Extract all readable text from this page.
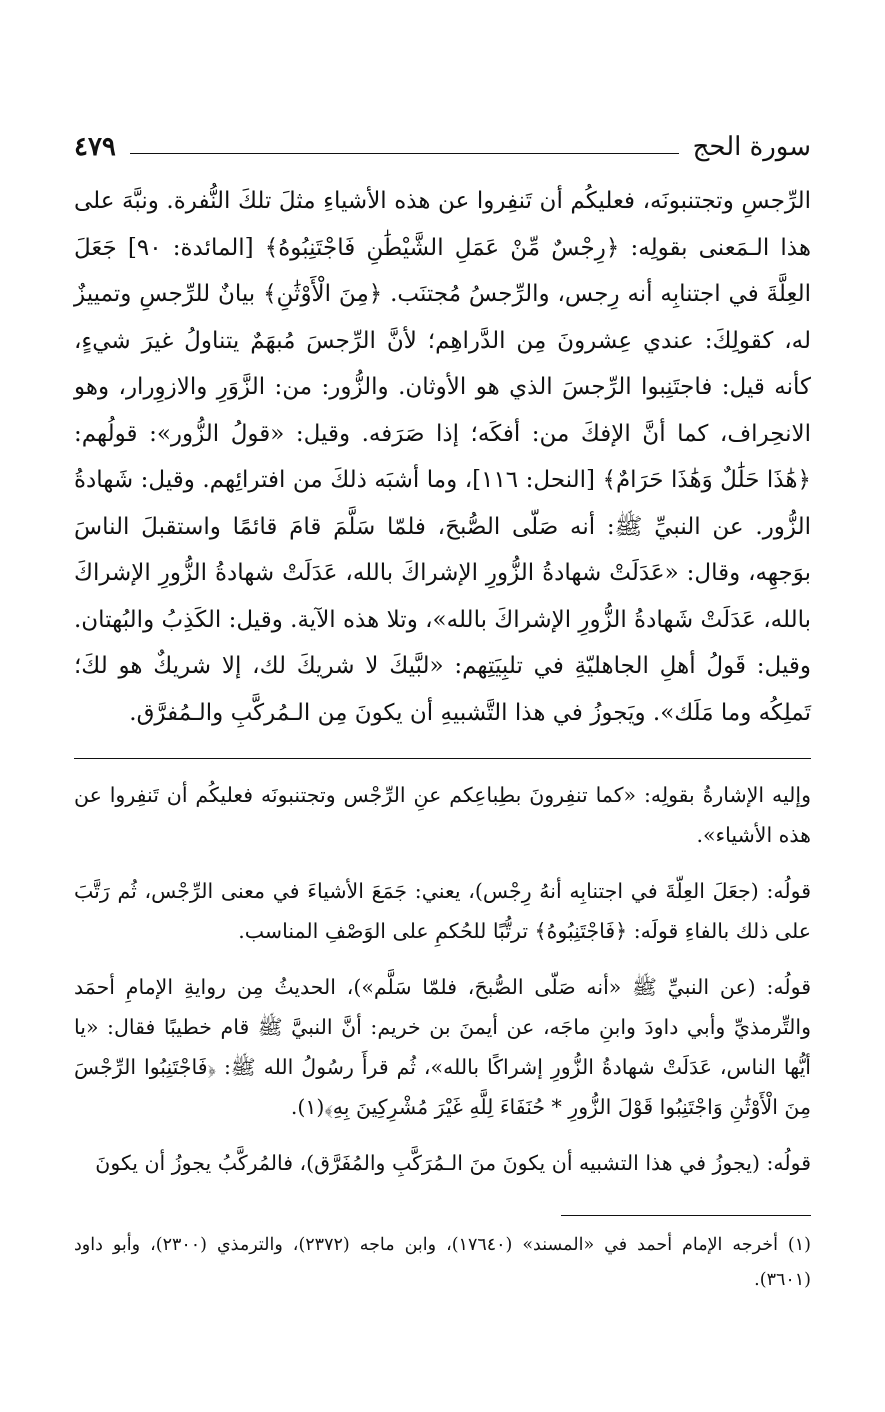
سورة الحج
٤٧٩

الرِّجسِ وتجتنبونَه، فعليكُم أن تَنفِروا عن هذه الأشياءِ مثلَ تلكَ النُّفرة. ونبَّهَ على هذا الـمَعنى بقولِه: ﴿رِجْسٌ مِّنْ عَمَلِ الشَّيْطَٰنِ فَاجْتَنِبُوهُ﴾ [المائدة: ٩٠] جَعَلَ العِلَّةَ في اجتنابِه أنه رِجس، والرِّجسُ مُجتنَب. ﴿مِنَ الْأَوْثَٰنِ﴾ بيانٌ للرِّجسِ وتمييزٌ له، كقولِكَ: عندي عِشرونَ مِن الدَّراهِم؛ لأنَّ الرِّجسَ مُبهَمٌ يتناولُ غيرَ شيءٍ، كأنه قيل: فاجتَنِبوا الرِّجسَ الذي هو الأوثان. والزُّور: من: الزَّوَرِ والازوِرار، وهو الانحِراف، كما أنَّ الإفكَ من: أفكَه؛ إذا صَرَفه. وقيل: «قولُ الزُّور»: قولُهم: ﴿هَٰذَا حَلَٰلٌ وَهَٰذَا حَرَامٌ﴾ [النحل: ١١٦]، وما أشبَه ذلكَ من افترائِهم. وقيل: شَهادةُ الزُّور. عن النبيِّ ﷺ: أنه صَلّى الصُّبحَ، فلمّا سَلَّمَ قامَ قائمًا واستقبلَ الناسَ بوَجهِه، وقال: «عَدَلَتْ شهادةُ الزُّورِ الإشراكَ بالله، عَدَلَتْ شهادةُ الزُّورِ الإشراكَ بالله، عَدَلَتْ شَهادةُ الزُّورِ الإشراكَ بالله»، وتلا هذه الآية. وقيل: الكَذِبُ والبُهتان. وقيل: قَولُ أهلِ الجاهليّةِ في تلبِيَتِهم: «لبَّيكَ لا شريكَ لك، إلا شريكٌ هو لكَ؛ تَملِكُه وما مَلَك». ويَجوزُ في هذا التَّشبيهِ أن يكونَ مِن الـمُركَّبِ والـمُفرَّق.

وإليه الإشارةُ بقولِه: «كما تنفِرونَ بطِباعِكم عنِ الرِّجْس وتجتنبونَه فعليكُم أن تَنفِروا عن هذه الأشياء».

قولُه: (جعَلَ العِلّةَ في اجتنابِه أنهُ رِجْس)، يعني: جَمَعَ الأشياءَ في معنى الرِّجْس، ثُم رَتَّبَ على ذلك بالفاءِ قولَه: ﴿فَاجْتَنِبُوهُ﴾ ترتُّبًا للحُكمِ على الوَصْفِ المناسب.

قولُه: (عن النبيِّ ﷺ «أنه صَلّى الصُّبحَ، فلمّا سَلَّم»)، الحديثُ مِن روايةِ الإمامِ أحمَد والتِّرمذيِّ وأبي داودَ وابنِ ماجَه، عن أيمنَ بن خريم: أنَّ النبيَّ ﷺ قام خطيبًا فقال: «يا أيُّها الناس، عَدَلَتْ شهادةُ الزُّورِ إشراكًا بالله»، ثُم قرأَ رسُولُ الله ﷺ: ﴿فَاجْتَنِبُوا الرِّجْسَ مِنَ الْأَوْثَٰنِ وَاجْتَنِبُوا قَوْلَ الزُّورِ * حُنَفَاءَ لِلَّهِ غَيْرَ مُشْرِكِينَ بِهِ﴾(١).

قولُه: (يجوزُ في هذا التشبيه أن يكونَ منَ الـمُرَكَّبِ والمُفَرَّق)، فالمُركَّبُ يجوزُ أن يكونَ

(١) أخرجه الإمام أحمد في «المسند» (١٧٦٤٠)، وابن ماجه (٢٣٧٢)، والترمذي (٢٣٠٠)، وأبو داود (٣٦٠١).
